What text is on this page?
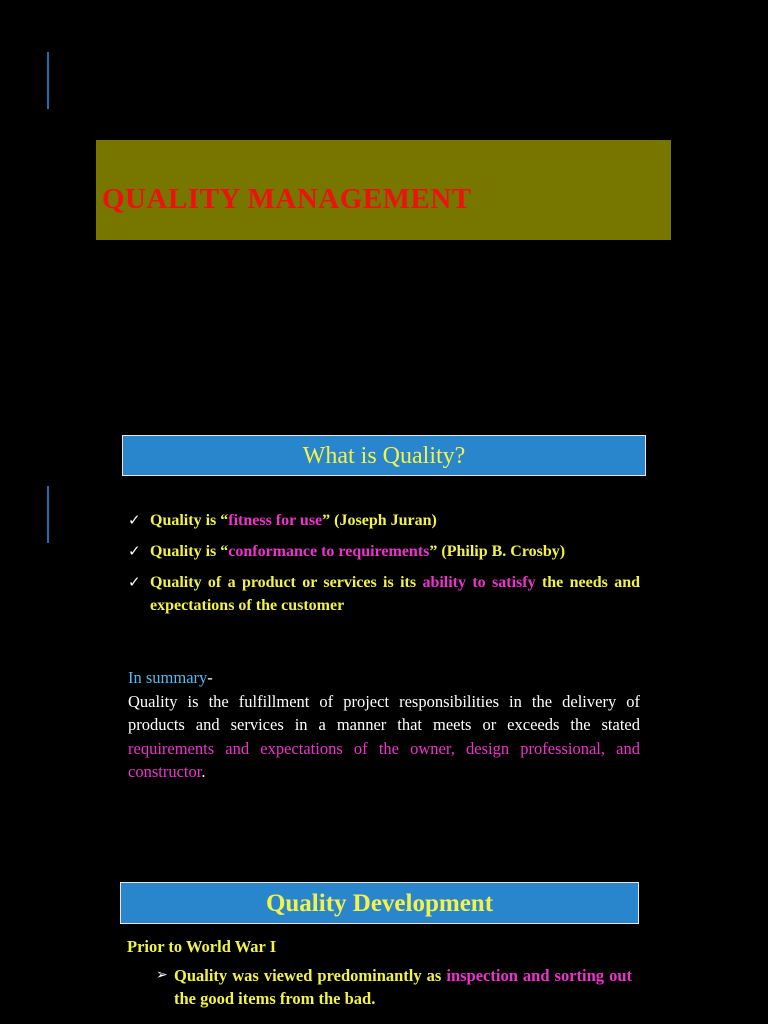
QUALITY MANAGEMENT
What is Quality?
✓ Quality is “fitness for use” (Joseph Juran)
✓ Quality is “conformance to requirements” (Philip B. Crosby)
✓ Quality of a product or services is its ability to satisfy the needs and expectations of the customer

In summary-
Quality is the fulfillment of project responsibilities in the delivery of products and services in a manner that meets or exceeds the stated requirements and expectations of the owner, design professional, and constructor.

Quality Development
Prior to World War I
➢ Quality was viewed predominantly as inspection and sorting out the good items from the bad.
